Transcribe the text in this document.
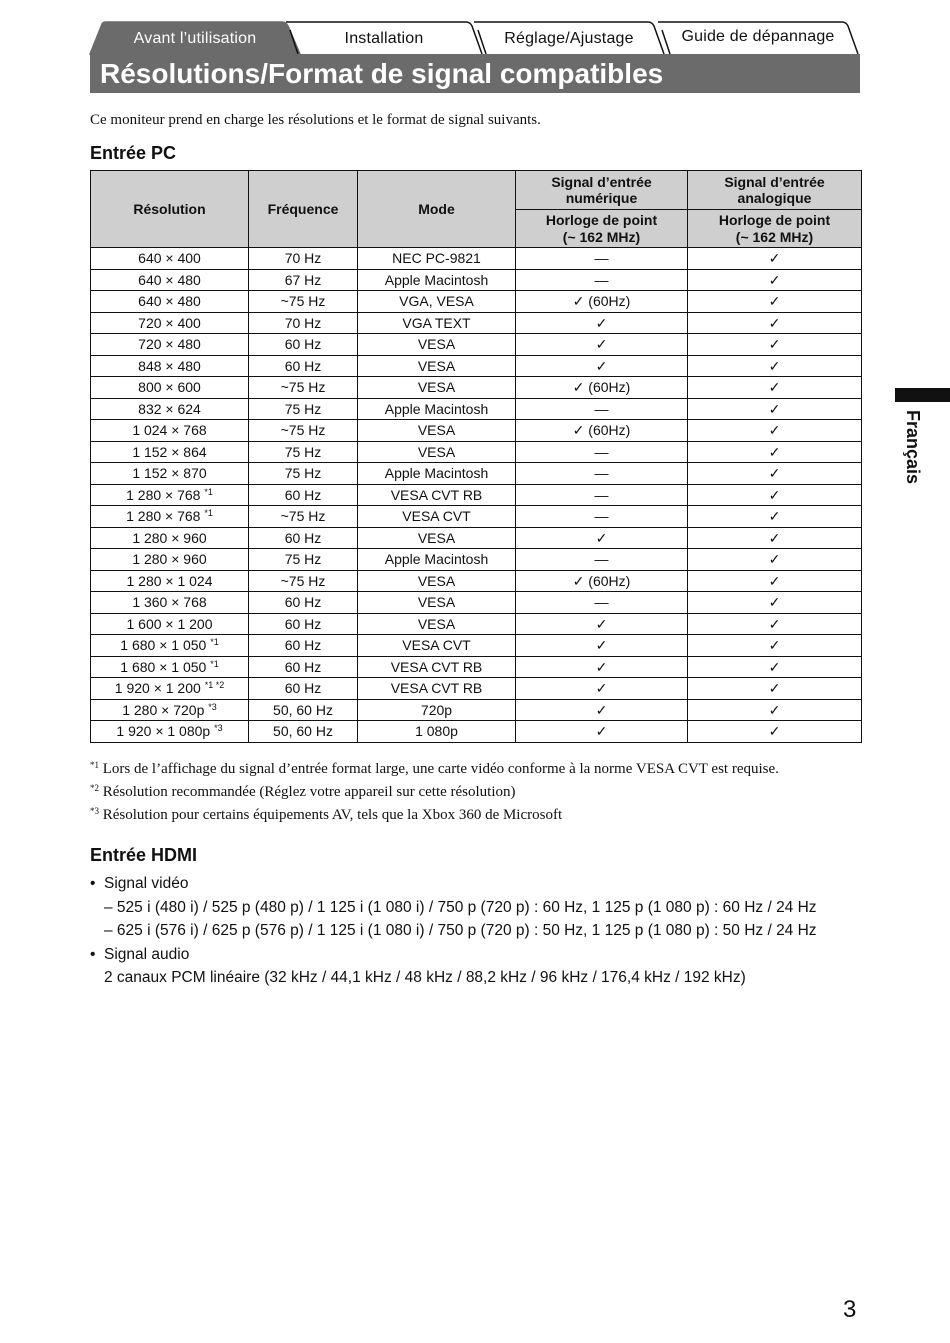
Avant l’utilisation	Installation	Réglage/Ajustage	Guide de dépannage
Résolutions/Format de signal compatibles
Ce moniteur prend en charge les résolutions et le format de signal suivants.
Entrée PC
Résolution	Fréquence	Mode	Signal d’entrée numérique	Signal d’entrée analogique
			Horloge de point (~ 162 MHz)	Horloge de point (~ 162 MHz)
640 × 400	70 Hz	NEC PC-9821	—	✓
640 × 480	67 Hz	Apple Macintosh	—	✓
640 × 480	~75 Hz	VGA, VESA	✓ (60Hz)	✓
720 × 400	70 Hz	VGA TEXT	✓	✓
720 × 480	60 Hz	VESA	✓	✓
848 × 480	60 Hz	VESA	✓	✓
800 × 600	~75 Hz	VESA	✓ (60Hz)	✓
832 × 624	75 Hz	Apple Macintosh	—	✓
1 024 × 768	~75 Hz	VESA	✓ (60Hz)	✓
1 152 × 864	75 Hz	VESA	—	✓
1 152 × 870	75 Hz	Apple Macintosh	—	✓
1 280 × 768 $^{*1}$	60 Hz	VESA CVT RB	—	✓
1 280 × 768 $^{*1}$	~75 Hz	VESA CVT	—	✓
1 280 × 960	60 Hz	VESA	✓	✓
1 280 × 960	75 Hz	Apple Macintosh	—	✓
1 280 × 1 024	~75 Hz	VESA	✓ (60Hz)	✓
1 360 × 768	60 Hz	VESA	—	✓
1 600 × 1 200	60 Hz	VESA	✓	✓
1 680 × 1 050 $^{*1}$	60 Hz	VESA CVT	✓	✓
1 680 × 1 050 $^{*1}$	60 Hz	VESA CVT RB	✓	✓
1 920 × 1 200 $^{*1 *2}$	60 Hz	VESA CVT RB	✓	✓
1 280 × 720p $^{*3}$	50, 60 Hz	720p	✓	✓
1 920 × 1 080p $^{*3}$	50, 60 Hz	1 080p	✓	✓
$^{*1}$ Lors de l’affichage du signal d’entrée format large, une carte vidéo conforme à la norme VESA CVT est requise.
$^{*2}$ Résolution recommandée (Réglez votre appareil sur cette résolution)
$^{*3}$ Résolution pour certains équipements AV, tels que la Xbox 360 de Microsoft
Entrée HDMI
• Signal vidéo
– 525 i (480 i) / 525 p (480 p) / 1 125 i (1 080 i) / 750 p (720 p) : 60 Hz, 1 125 p (1 080 p) : 60 Hz / 24 Hz
– 625 i (576 i) / 625 p (576 p) / 1 125 i (1 080 i) / 750 p (720 p) : 50 Hz, 1 125 p (1 080 p) : 50 Hz / 24 Hz
• Signal audio
2 canaux PCM linéaire (32 kHz / 44,1 kHz / 48 kHz / 88,2 kHz / 96 kHz / 176,4 kHz / 192 kHz)
Français
3
